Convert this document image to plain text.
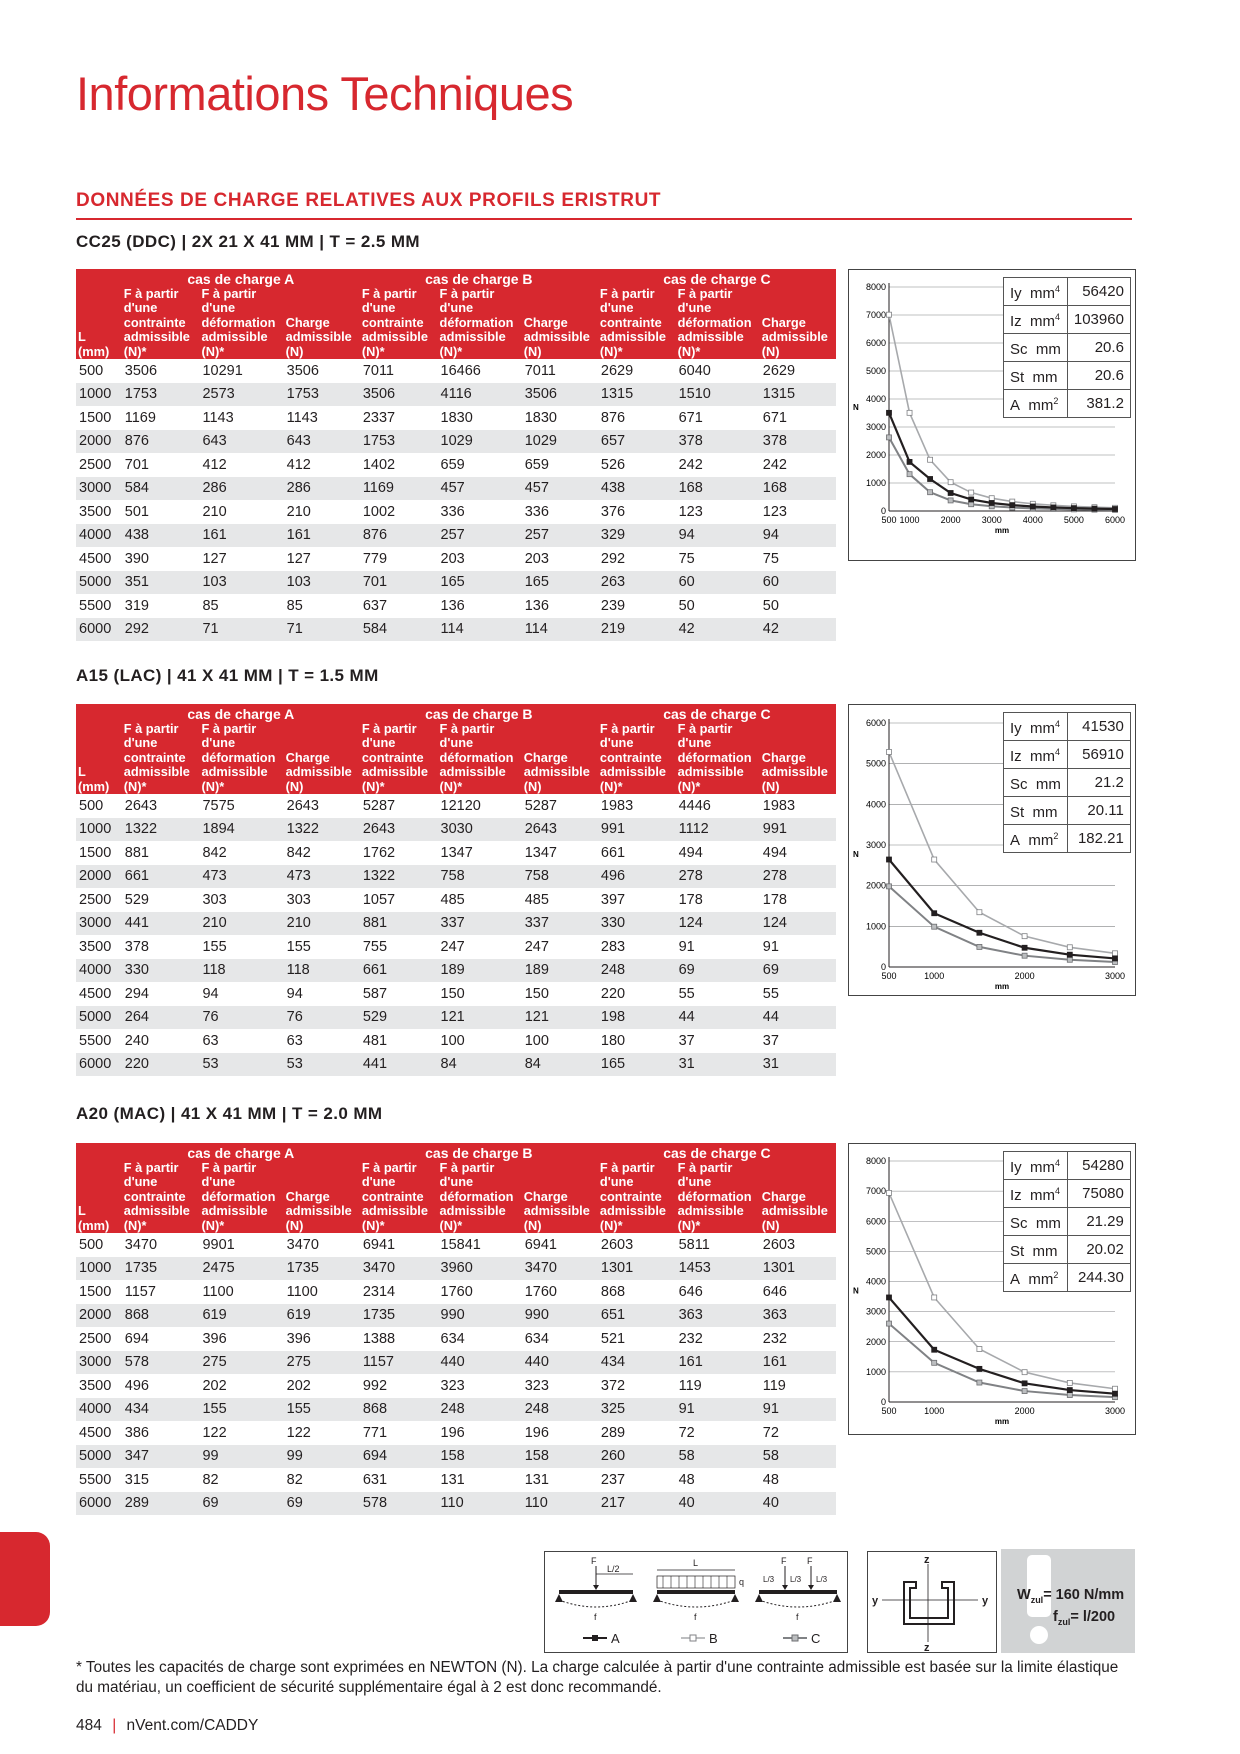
Informations Techniques
DONNÉES DE CHARGE RELATIVES AUX PROFILS ERISTRUT
CC25 (DDC) | 2X 21 X 41 MM | T = 2.5 MM
L
(mm)	cas de charge A			cas de charge B			cas de charge C		

	F à partir
d'une
contrainte
admissible
(N)*	F à partir
d'une
déformation
admissible
(N)*	Charge
admissible
(N)	F à partir
d'une
contrainte
admissible
(N)*	F à partir
d'une
déformation
admissible
(N)*	Charge
admissible
(N)	F à partir
d'une
contrainte
admissible
(N)*	F à partir
d'une
déformation
admissible
(N)*	Charge
admissible
(N)

500	3506	10291	3506	7011	16466	7011	2629	6040	2629
1000	1753	2573	1753	3506	4116	3506	1315	1510	1315
1500	1169	1143	1143	2337	1830	1830	876	671	671
2000	876	643	643	1753	1029	1029	657	378	378
2500	701	412	412	1402	659	659	526	242	242
3000	584	286	286	1169	457	457	438	168	168
3500	501	210	210	1002	336	336	376	123	123
4000	438	161	161	876	257	257	329	94	94
4500	390	127	127	779	203	203	292	75	75
5000	351	103	103	701	165	165	263	60	60
5500	319	85	85	637	136	136	239	50	50
6000	292	71	71	584	114	114	219	42	42
0
1000
2000
3000
4000
5000
6000
7000
8000
500 1000 2000 3000 4000 5000 6000
N
mm
Iy $mm^4$	56420
Iz $mm^4$	103960
Sc mm	20.6
St mm	20.6
A $mm^2$	381.2
A15 (LAC) | 41 X 41 MM | T = 1.5 MM
L
(mm)	cas de charge A			cas de charge B			cas de charge C		

	F à partir
d'une
contrainte
admissible
(N)*	F à partir
d'une
déformation
admissible
(N)*	Charge
admissible
(N)	F à partir
d'une
contrainte
admissible
(N)*	F à partir
d'une
déformation
admissible
(N)*	Charge
admissible
(N)	F à partir
d'une
contrainte
admissible
(N)*	F à partir
d'une
déformation
admissible
(N)*	Charge
admissible
(N)

500	2643	7575	2643	5287	12120	5287	1983	4446	1983
1000	1322	1894	1322	2643	3030	2643	991	1112	991
1500	881	842	842	1762	1347	1347	661	494	494
2000	661	473	473	1322	758	758	496	278	278
2500	529	303	303	1057	485	485	397	178	178
3000	441	210	210	881	337	337	330	124	124
3500	378	155	155	755	247	247	283	91	91
4000	330	118	118	661	189	189	248	69	69
4500	294	94	94	587	150	150	220	55	55
5000	264	76	76	529	121	121	198	44	44
5500	240	63	63	481	100	100	180	37	37
6000	220	53	53	441	84	84	165	31	31
0
1000
2000
3000
4000
5000
6000
500	1000	2000	3000
N
mm
Iy $mm^4$	41530
Iz $mm^4$	56910
Sc mm	21.2
St mm	20.11
A $mm^2$	182.21
A20 (MAC) | 41 X 41 MM | T = 2.0 MM
L
(mm)	cas de charge A			cas de charge B			cas de charge C		

	F à partir
d'une
contrainte
admissible
(N)*	F à partir
d'une
déformation
admissible
(N)*	Charge
admissible
(N)	F à partir
d'une
contrainte
admissible
(N)*	F à partir
d'une
déformation
admissible
(N)*	Charge
admissible
(N)	F à partir
d'une
contrainte
admissible
(N)*	F à partir
d'une
déformation
admissible
(N)*	Charge
admissible
(N)

500	3470	9901	3470	6941	15841	6941	2603	5811	2603
1000	1735	2475	1735	3470	3960	3470	1301	1453	1301
1500	1157	1100	1100	2314	1760	1760	868	646	646
2000	868	619	619	1735	990	990	651	363	363
2500	694	396	396	1388	634	634	521	232	232
3000	578	275	275	1157	440	440	434	161	161
3500	496	202	202	992	323	323	372	119	119
4000	434	155	155	868	248	248	325	91	91
4500	386	122	122	771	196	196	289	72	72
5000	347	99	99	694	158	158	260	58	58
5500	315	82	82	631	131	131	237	48	48
6000	289	69	69	578	110	110	217	40	40
0
1000
2000
3000
4000
5000
6000
7000
8000
500	1000	2000	3000
N
mm
Iy $mm^4$	54280
Iz $mm^4$	75080
Sc mm	21.29
St mm	20.02
A $mm^2$	244.30
F
L/2
f
L
q
f
F F
L/3 L/3 L/3
f
A	B	C
z
z
y	y $W_{zul}= 160$ N/mm
$f_{zul}= l/200$
* Toutes les capacités de charge sont exprimées en NEWTON (N). La charge calculée à partir d'une contrainte admissible est basée sur la limite élastique du matériau, un coefficient de sécurité supplémentaire égal à 2 est donc recommandé.
484 | nVent.com/CADDY
